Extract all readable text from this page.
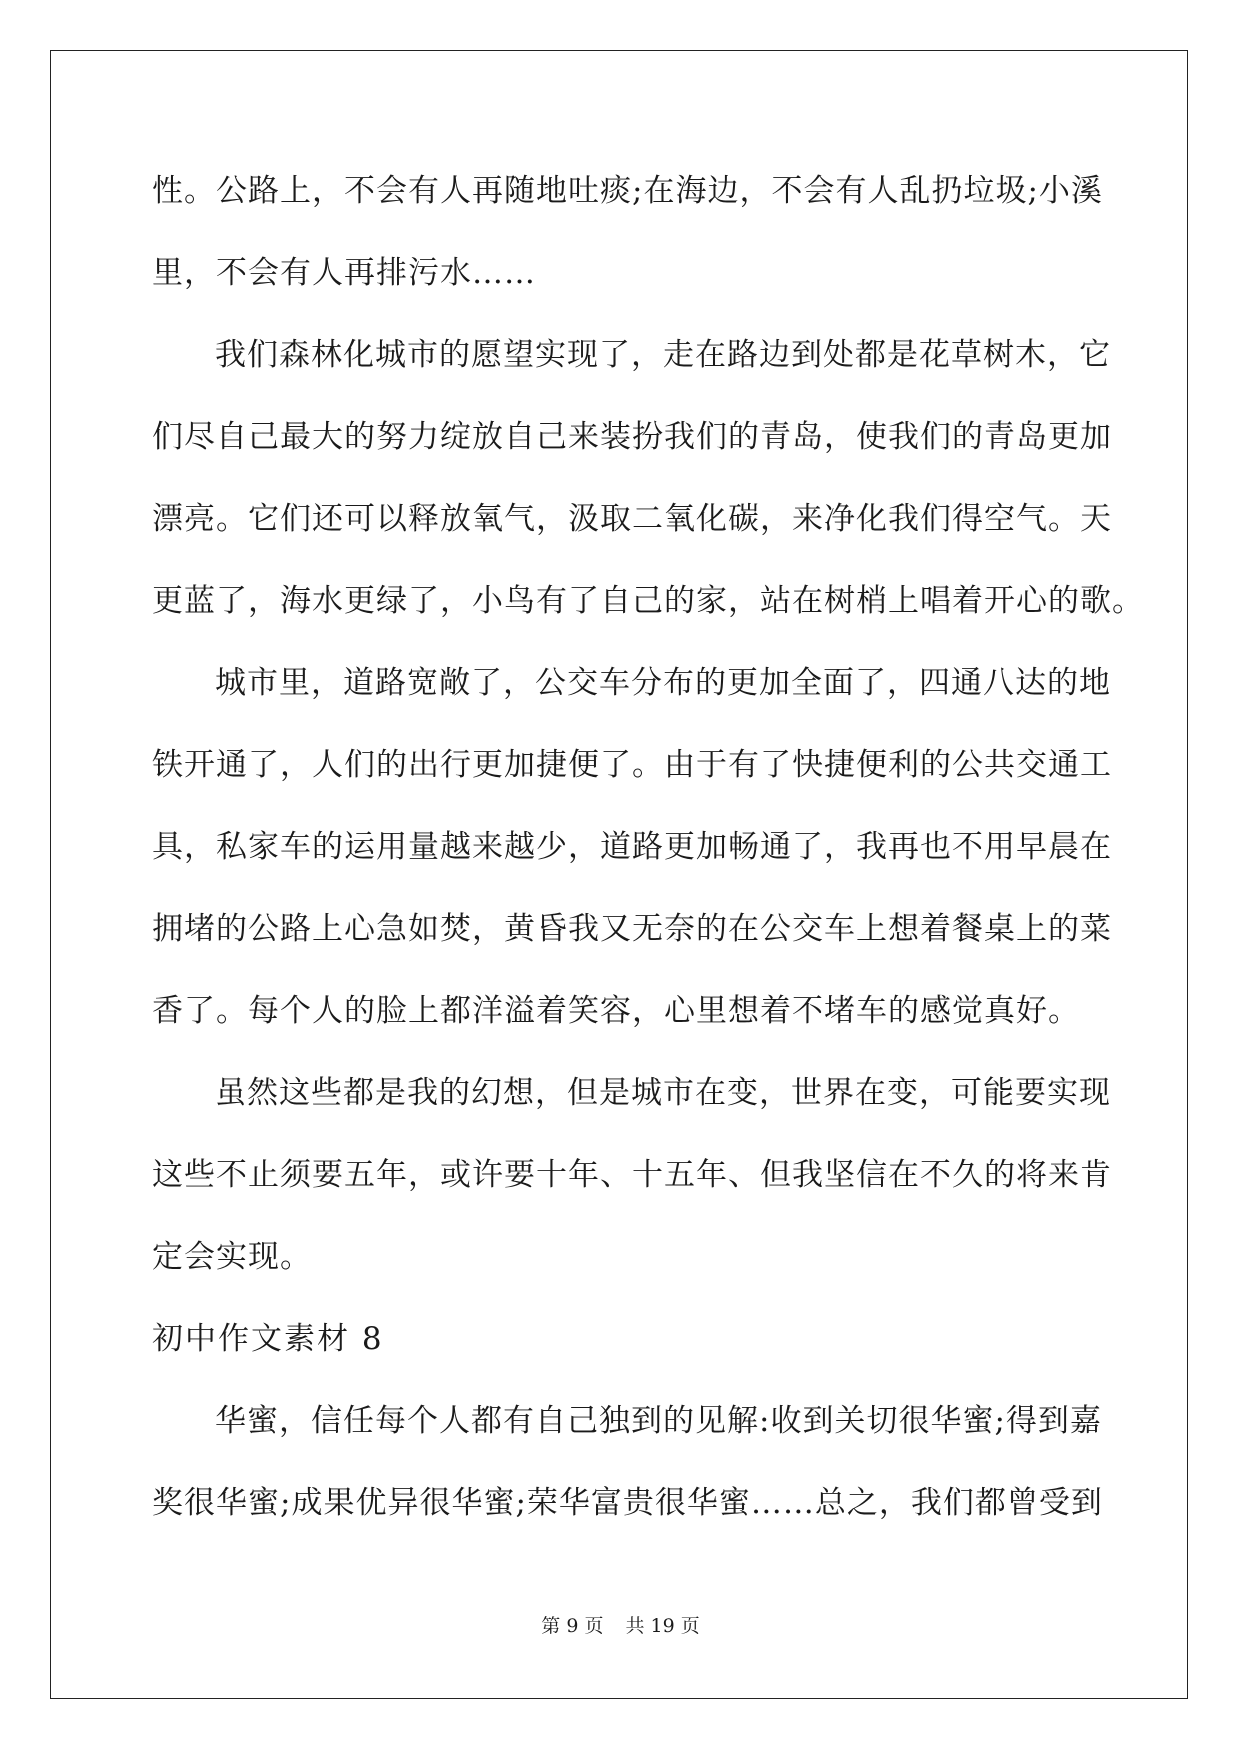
性。公路上，不会有人再随地吐痰;在海边，不会有人乱扔垃圾;小溪
里，不会有人再排污水……
我们森林化城市的愿望实现了，走在路边到处都是花草树木，它
们尽自己最大的努力绽放自己来装扮我们的青岛，使我们的青岛更加
漂亮。它们还可以释放氧气，汲取二氧化碳，来净化我们得空气。天
更蓝了，海水更绿了，小鸟有了自己的家，站在树梢上唱着开心的歌。
城市里，道路宽敞了，公交车分布的更加全面了，四通八达的地
铁开通了，人们的出行更加捷便了。由于有了快捷便利的公共交通工
具，私家车的运用量越来越少，道路更加畅通了，我再也不用早晨在
拥堵的公路上心急如焚，黄昏我又无奈的在公交车上想着餐桌上的菜
香了。每个人的脸上都洋溢着笑容，心里想着不堵车的感觉真好。
虽然这些都是我的幻想，但是城市在变，世界在变，可能要实现
这些不止须要五年，或许要十年、十五年、但我坚信在不久的将来肯
定会实现。
初中作文素材 8
华蜜，信任每个人都有自己独到的见解:收到关切很华蜜;得到嘉
奖很华蜜;成果优异很华蜜;荣华富贵很华蜜……总之，我们都曾受到
第 9 页 共 19 页
